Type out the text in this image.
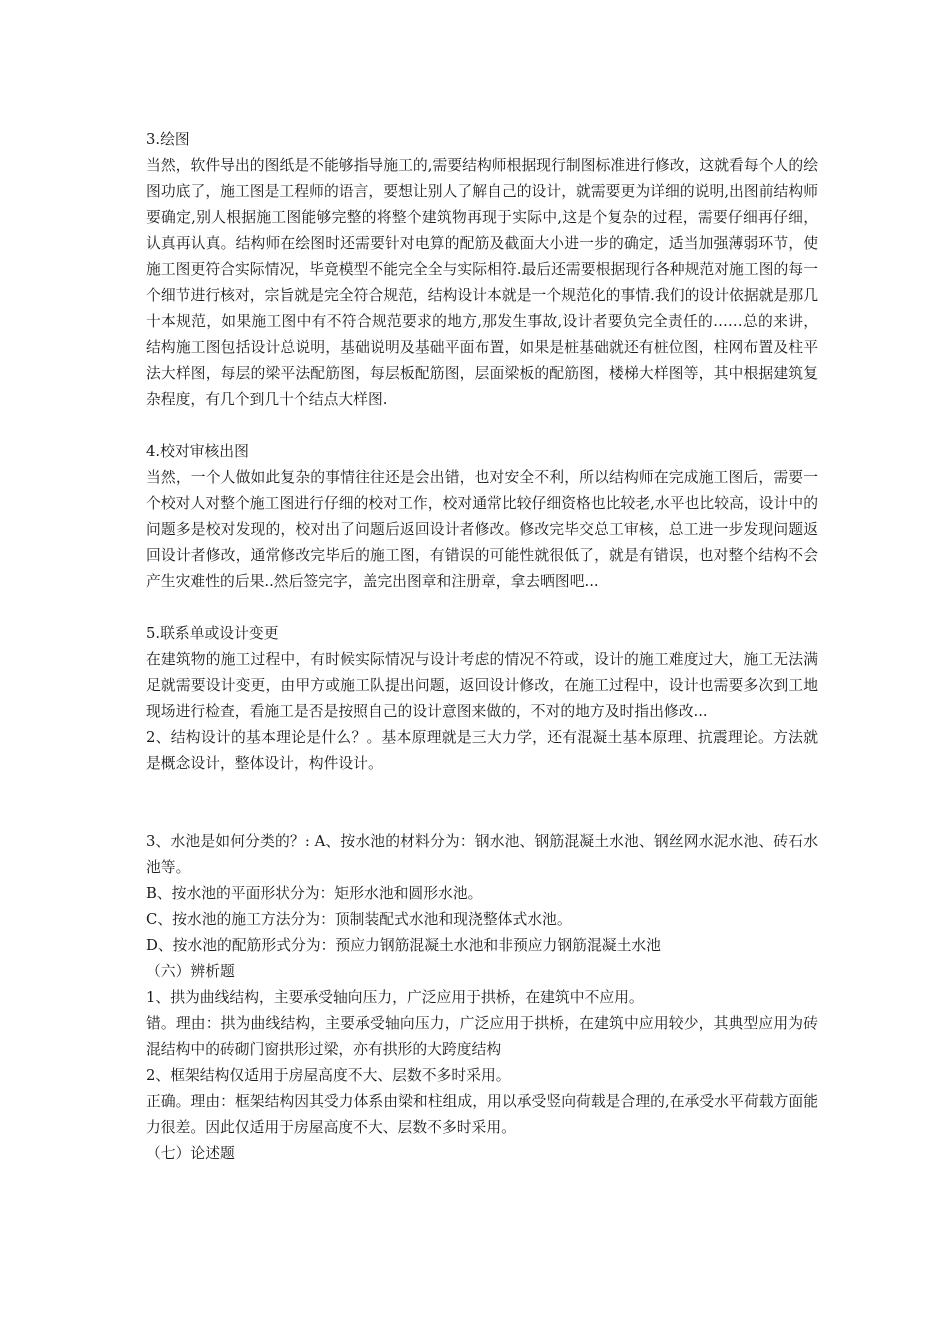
3.绘图

当然，软件导出的图纸是不能够指导施工的,需要结构师根据现行制图标准进行修改，这就看每个人的绘图功底了，施工图是工程师的语言，要想让别人了解自己的设计，就需要更为详细的说明,出图前结构师要确定,别人根据施工图能够完整的将整个建筑物再现于实际中,这是个复杂的过程，需要仔细再仔细，认真再认真。结构师在绘图时还需要针对电算的配筋及截面大小进一步的确定，适当加强薄弱环节，使施工图更符合实际情况，毕竟模型不能完全全与实际相符.最后还需要根据现行各种规范对施工图的每一个细节进行核对，宗旨就是完全符合规范，结构设计本就是一个规范化的事情.我们的设计依据就是那几十本规范，如果施工图中有不符合规范要求的地方,那发生事故,设计者要负完全责任的……总的来讲，结构施工图包括设计总说明，基础说明及基础平面布置，如果是桩基础就还有桩位图，柱网布置及柱平法大样图，每层的梁平法配筋图，每层板配筋图，层面梁板的配筋图，楼梯大样图等，其中根据建筑复杂程度，有几个到几十个结点大样图.

4.校对审核出图

当然，一个人做如此复杂的事情往往还是会出错，也对安全不利，所以结构师在完成施工图后，需要一个校对人对整个施工图进行仔细的校对工作，校对通常比较仔细资格也比较老,水平也比较高，设计中的问题多是校对发现的，校对出了问题后返回设计者修改。修改完毕交总工审核，总工进一步发现问题返回设计者修改，通常修改完毕后的施工图，有错误的可能性就很低了，就是有错误，也对整个结构不会产生灾难性的后果..然后签完字，盖完出图章和注册章，拿去晒图吧...

5.联系单或设计变更

在建筑物的施工过程中，有时候实际情况与设计考虑的情况不符或，设计的施工难度过大，施工无法满足就需要设计变更，由甲方或施工队提出问题，返回设计修改，在施工过程中，设计也需要多次到工地现场进行检查，看施工是否是按照自己的设计意图来做的，不对的地方及时指出修改...

2、结构设计的基本理论是什么？。基本原理就是三大力学，还有混凝土基本原理、抗震理论。方法就是概念设计，整体设计，构件设计。

3、水池是如何分类的？: A、按水池的材料分为：钢水池、钢筋混凝土水池、钢丝网水泥水池、砖石水池等。

B、按水池的平面形状分为：矩形水池和圆形水池。

C、按水池的施工方法分为：顶制装配式水池和现浇整体式水池。

D、按水池的配筋形式分为：预应力钢筋混凝土水池和非预应力钢筋混凝土水池

（六）辨析题

1、拱为曲线结构，主要承受轴向压力，广泛应用于拱桥，在建筑中不应用。

错。理由：拱为曲线结构，主要承受轴向压力，广泛应用于拱桥，在建筑中应用较少，其典型应用为砖混结构中的砖砌门窗拱形过梁，亦有拱形的大跨度结构

2、框架结构仅适用于房屋高度不大、层数不多时采用。

正确。理由：框架结构因其受力体系由梁和柱组成，用以承受竖向荷载是合理的,在承受水平荷载方面能力很差。因此仅适用于房屋高度不大、层数不多时采用。

（七）论述题
